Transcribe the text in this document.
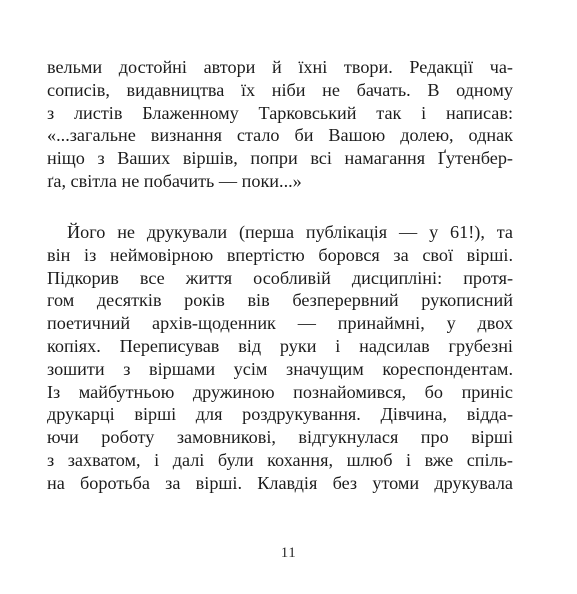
вельми достойні автори й їхні твори. Редакції ча-
сописів, видавництва їх ніби не бачать. В одному
з листів Блаженному Тарковський так і написав:
«...загальне визнання стало би Вашою долею, однак
ніщо з Ваших віршів, попри всі намагання Ґутенбер-
ґа, світла не побачить — поки...»
Його не друкували (перша публікація — у 61!), та
він із неймовірною впертістю боровся за свої вірші.
Підкорив все життя особливій дисципліні: протя-
гом десятків років вів безперервний рукописний
поетичний архів-щоденник — принаймні, у двох
копіях. Переписував від руки і надсилав грубезні
зошити з віршами усім значущим кореспондентам.
Із майбутньою дружиною познайомився, бо приніс
друкарці вірші для роздрукування. Дівчина, відда-
ючи роботу замовникові, відгукнулася про вірші
з захватом, і далі були кохання, шлюб і вже спіль-
на боротьба за вірші. Клавдія без утоми друкувала
11
